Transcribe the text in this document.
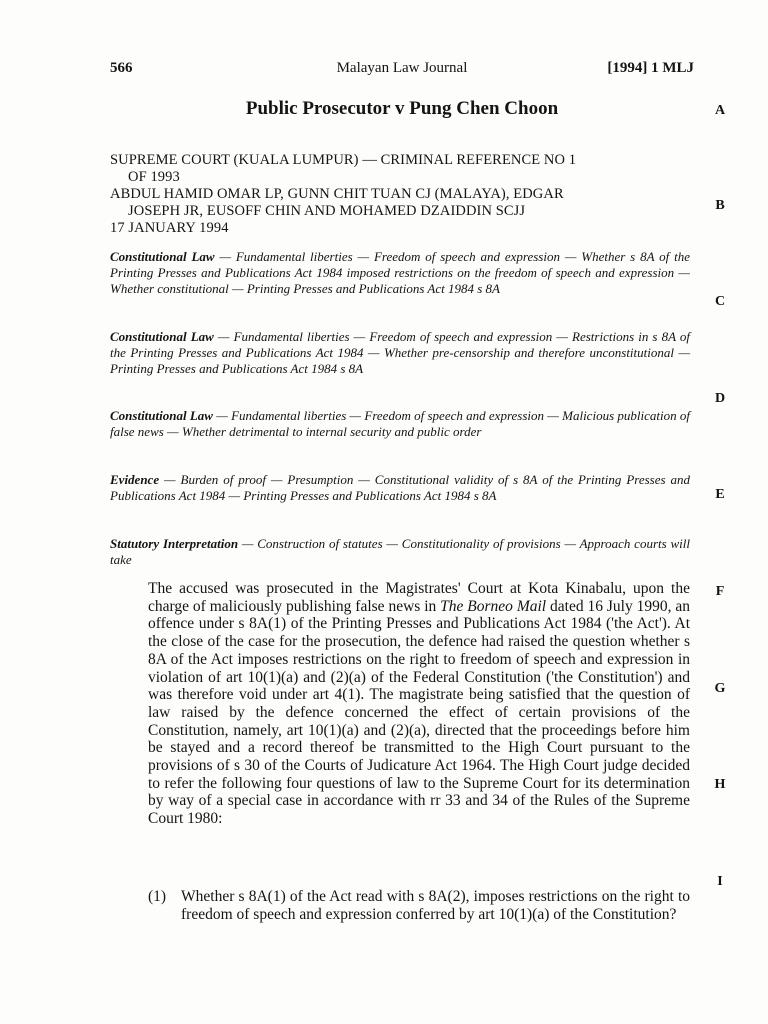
566	Malayan Law Journal	[1994] 1 MLJ
Public Prosecutor v Pung Chen Choon
SUPREME COURT (KUALA LUMPUR) — CRIMINAL REFERENCE NO 1
OF 1993
ABDUL HAMID OMAR LP, GUNN CHIT TUAN CJ (MALAYA), EDGAR
JOSEPH JR, EUSOFF CHIN AND MOHAMED DZAIDDIN SCJJ
17 JANUARY 1994
Constitutional Law — Fundamental liberties — Freedom of speech and expression — Whether s 8A of the Printing Presses and Publications Act 1984 imposed restrictions on the freedom of speech and expression — Whether constitutional — Printing Presses and Publications Act 1984 s 8A
Constitutional Law — Fundamental liberties — Freedom of speech and expression — Restrictions in s 8A of the Printing Presses and Publications Act 1984 — Whether pre-censorship and therefore unconstitutional — Printing Presses and Publications Act 1984 s 8A
Constitutional Law — Fundamental liberties — Freedom of speech and expression — Malicious publication of false news — Whether detrimental to internal security and public order
Evidence — Burden of proof — Presumption — Constitutional validity of s 8A of the Printing Presses and Publications Act 1984 — Printing Presses and Publications Act 1984 s 8A
Statutory Interpretation — Construction of statutes — Constitutionality of provisions — Approach courts will take
The accused was prosecuted in the Magistrates' Court at Kota Kinabalu, upon the charge of maliciously publishing false news in The Borneo Mail dated 16 July 1990, an offence under s 8A(1) of the Printing Presses and Publications Act 1984 ('the Act'). At the close of the case for the prosecution, the defence had raised the question whether s 8A of the Act imposes restrictions on the right to freedom of speech and expression in violation of art 10(1)(a) and (2)(a) of the Federal Constitution ('the Constitution') and was therefore void under art 4(1). The magistrate being satisfied that the question of law raised by the defence concerned the effect of certain provisions of the Constitution, namely, art 10(1)(a) and (2)(a), directed that the proceedings before him be stayed and a record thereof be transmitted to the High Court pursuant to the provisions of s 30 of the Courts of Judicature Act 1964. The High Court judge decided to refer the following four questions of law to the Supreme Court for its determination by way of a special case in accordance with rr 33 and 34 of the Rules of the Supreme Court 1980:
(1) Whether s 8A(1) of the Act read with s 8A(2), imposes restrictions on the right to freedom of speech and expression conferred by art 10(1)(a) of the Constitution?
A
B
C
D
E
F
G
H
I
